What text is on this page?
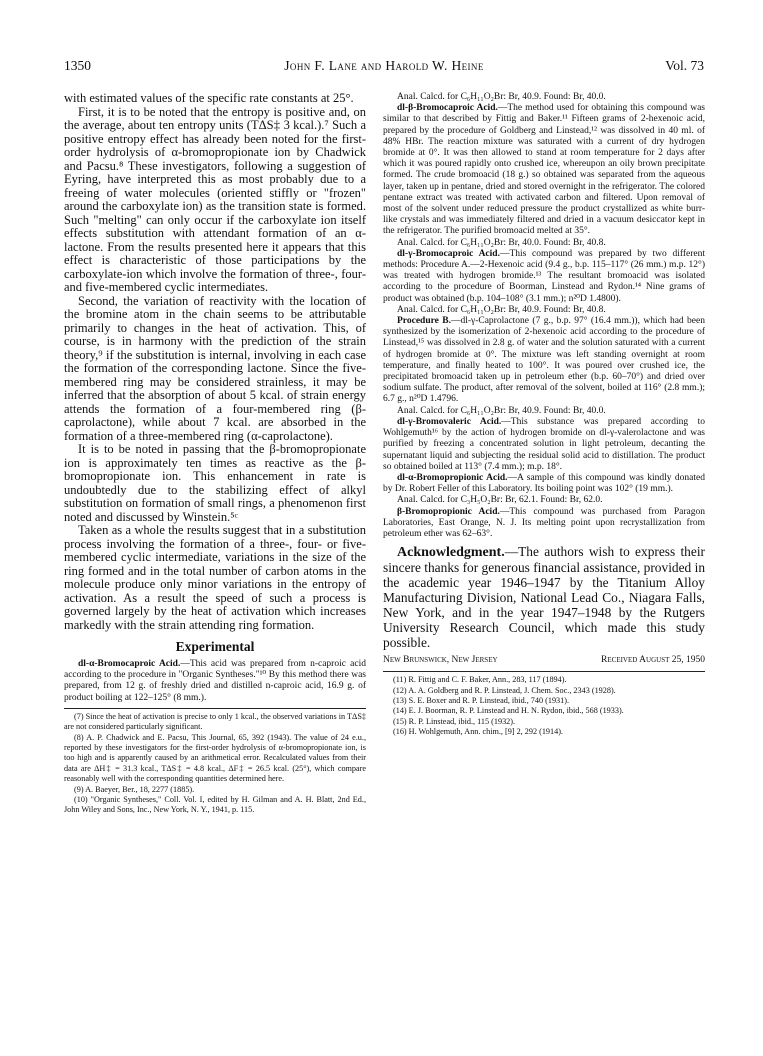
1350	John F. Lane and Harold W. Heine	Vol. 73

with estimated values of the specific rate constants at 25°.

First, it is to be noted that the entropy is positive and, on the average, about ten entropy units (TΔS‡ 3 kcal.).⁷ Such a positive entropy effect has already been noted for the first-order hydrolysis of α-bromopropionate ion by Chadwick and Pacsu.⁸ These investigators, following a suggestion of Eyring, have interpreted this as most probably due to a freeing of water molecules (oriented stiffly or "frozen" around the carboxylate ion) as the transition state is formed. Such "melting" can only occur if the carboxylate ion itself effects substitution with attendant formation of an α-lactone. From the results presented here it appears that this effect is characteristic of those participations by the carboxylate-ion which involve the formation of three-, four- and five-membered cyclic intermediates.

Second, the variation of reactivity with the location of the bromine atom in the chain seems to be attributable primarily to changes in the heat of activation. This, of course, is in harmony with the prediction of the strain theory,⁹ if the substitution is internal, involving in each case the formation of the corresponding lactone. Since the five-membered ring may be considered strainless, it may be inferred that the absorption of about 5 kcal. of strain energy attends the formation of a four-membered ring (β-caprolactone), while about 7 kcal. are absorbed in the formation of a three-membered ring (α-caprolactone).

It is to be noted in passing that the β-bromopropionate ion is approximately ten times as reactive as the β-bromopropionate ion. This enhancement in rate is undoubtedly due to the stabilizing effect of alkyl substitution on formation of small rings, a phenomenon first noted and discussed by Winstein.⁵ᶜ

Taken as a whole the results suggest that in a substitution process involving the formation of a three-, four- or five-membered cyclic intermediate, variations in the size of the ring formed and in the total number of carbon atoms in the molecule produce only minor variations in the entropy of activation. As a result the speed of such a process is governed largely by the heat of activation which increases markedly with the strain attending ring formation.

Experimental

dl-α-Bromocaproic Acid.—This acid was prepared from n-caproic acid according to the procedure in "Organic Syntheses."¹⁰ By this method there was prepared, from 12 g. of freshly dried and distilled n-caproic acid, 16.9 g. of product boiling at 122–125° (8 mm.).

(7) Since the heat of activation is precise to only 1 kcal., the observed variations in TΔS‡ are not considered particularly significant.

(8) A. P. Chadwick and E. Pacsu, This Journal, 65, 392 (1943). The value of 24 e.u., reported by these investigators for the first-order hydrolysis of α-bromopropionate ion, is too high and is apparently caused by an arithmetical error. Recalculated values from their data are ΔH‡ = 31.3 kcal., TΔS‡ = 4.8 kcal., ΔF‡ = 26.5 kcal. (25°), which compare reasonably well with the corresponding quantities determined here.

(9) A. Baeyer, Ber., 18, 2277 (1885).

(10) "Organic Syntheses," Coll. Vol. I, edited by H. Gilman and A. H. Blatt, 2nd Ed., John Wiley and Sons, Inc., New York, N. Y., 1941, p. 115.

Anal. Calcd. for C₆H₁₁O₂Br: Br, 40.9. Found: Br, 40.0.

dl-β-Bromocaproic Acid.—The method used for obtaining this compound was similar to that described by Fittig and Baker.¹¹ Fifteen grams of 2-hexenoic acid, prepared by the procedure of Goldberg and Linstead,¹² was dissolved in 40 ml. of 48% HBr. The reaction mixture was saturated with a current of dry hydrogen bromide at 0°. It was then allowed to stand at room temperature for 2 days after which it was poured rapidly onto crushed ice, whereupon an oily brown precipitate formed. The crude bromoacid (18 g.) so obtained was separated from the aqueous layer, taken up in pentane, dried and stored overnight in the refrigerator. The colored pentane extract was treated with activated carbon and filtered. Upon removal of most of the solvent under reduced pressure the product crystallized as white burr-like crystals and was immediately filtered and dried in a vacuum desiccator kept in the refrigerator. The purified bromoacid melted at 35°.

Anal. Calcd. for C₆H₁₁O₂Br: Br, 40.0. Found: Br, 40.8.

dl-γ-Bromocaproic Acid.—This compound was prepared by two different methods: Procedure A.—2-Hexenoic acid (9.4 g., b.p. 115–117° (26 mm.) m.p. 12°) was treated with hydrogen bromide.¹³ The resultant bromoacid was isolated according to the procedure of Boorman, Linstead and Rydon.¹⁴ Nine grams of product was obtained (b.p. 104–108° (3.1 mm.); n²⁰D 1.4800).

Anal. Calcd. for C₆H₁₁O₂Br: Br, 40.9. Found: Br, 40.8.

Procedure B.—dl-γ-Caprolactone (7 g., b.p. 97° (16.4 mm.)), which had been synthesized by the isomerization of 2-hexenoic acid according to the procedure of Linstead,¹⁵ was dissolved in 2.8 g. of water and the solution saturated with a current of hydrogen bromide at 0°. The mixture was left standing overnight at room temperature, and finally heated to 100°. It was poured over crushed ice, the precipitated bromoacid taken up in petroleum ether (b.p. 60–70°) and dried over sodium sulfate. The product, after removal of the solvent, boiled at 116° (2.8 mm.); 6.7 g., n²⁰D 1.4796.

Anal. Calcd. for C₆H₁₁O₂Br: Br, 40.9. Found: Br, 40.0.

dl-γ-Bromovaleric Acid.—This substance was prepared according to Wohlgemuth¹⁶ by the action of hydrogen bromide on dl-γ-valerolactone and was purified by freezing a concentrated solution in light petroleum, decanting the supernatant liquid and subjecting the residual solid acid to distillation. The product so obtained boiled at 113° (7.4 mm.); m.p. 18°.

dl-α-Bromopropionic Acid.—A sample of this compound was kindly donated by Dr. Robert Feller of this Laboratory. Its boiling point was 102° (19 mm.).

Anal. Calcd. for C₃H₅O₂Br: Br, 62.1. Found: Br, 62.0.

β-Bromopropionic Acid.—This compound was purchased from Paragon Laboratories, East Orange, N. J. Its melting point upon recrystallization from petroleum ether was 62–63°.

Acknowledgment.—The authors wish to express their sincere thanks for generous financial assistance, provided in the academic year 1946–1947 by the Titanium Alloy Manufacturing Division, National Lead Co., Niagara Falls, New York, and in the year 1947–1948 by the Rutgers University Research Council, which made this study possible.

New Brunswick, New Jersey	Received August 25, 1950

(11) R. Fittig and C. F. Baker, Ann., 283, 117 (1894).

(12) A. A. Goldberg and R. P. Linstead, J. Chem. Soc., 2343 (1928).

(13) S. E. Boxer and R. P. Linstead, ibid., 740 (1931).

(14) E. J. Boorman, R. P. Linstead and H. N. Rydon, ibid., 568 (1933).

(15) R. P. Linstead, ibid., 115 (1932).

(16) H. Wohlgemuth, Ann. chim., [9] 2, 292 (1914).
